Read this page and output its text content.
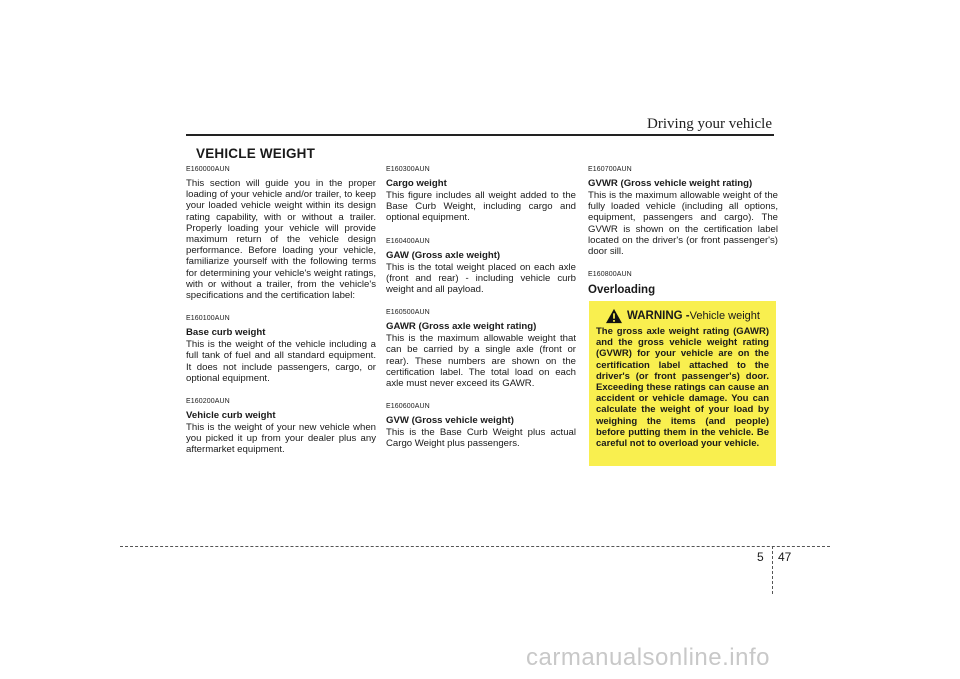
Driving your vehicle
VEHICLE WEIGHT

E160000AUN

This section will guide you in the proper loading of your vehicle and/or trailer, to keep your loaded vehicle weight within its design rating capability, with or without a trailer. Properly loading your vehicle will provide maximum return of the vehicle design performance. Before loading your vehicle, familiarize yourself with the following terms for determining your vehicle's weight ratings, with or without a trailer, from the vehicle's specifications and the certification label:

E160100AUN

Base curb weight

This is the weight of the vehicle including a full tank of fuel and all standard equipment. It does not include passengers, cargo, or optional equipment.

E160200AUN

Vehicle curb weight

This is the weight of your new vehicle when you picked it up from your dealer plus any aftermarket equipment.

E160300AUN

Cargo weight

This figure includes all weight added to the Base Curb Weight, including cargo and optional equipment.

E160400AUN

GAW (Gross axle weight)

This is the total weight placed on each axle (front and rear) - including vehicle curb weight and all payload.

E160500AUN

GAWR (Gross axle weight rating)

This is the maximum allowable weight that can be carried by a single axle (front or rear). These numbers are shown on the certification label. The total load on each axle must never exceed its GAWR.

E160600AUN

GVW (Gross vehicle weight)

This is the Base Curb Weight plus actual Cargo Weight plus passengers.

E160700AUN

GVWR (Gross vehicle weight rating)

This is the maximum allowable weight of the fully loaded vehicle (including all options, equipment, passengers and cargo). The GVWR is shown on the certification label located on the driver's (or front passenger's) door sill.

E160800AUN

Overloading

WARNING - Vehicle weight

The gross axle weight rating (GAWR) and the gross vehicle weight rating (GVWR) for your vehicle are on the certification label attached to the driver's (or front passenger's) door. Exceeding these ratings can cause an accident or vehicle damage. You can calculate the weight of your load by weighing the items (and people) before putting them in the vehicle. Be careful not to overload your vehicle.

5 47
carmanualsonline.info
